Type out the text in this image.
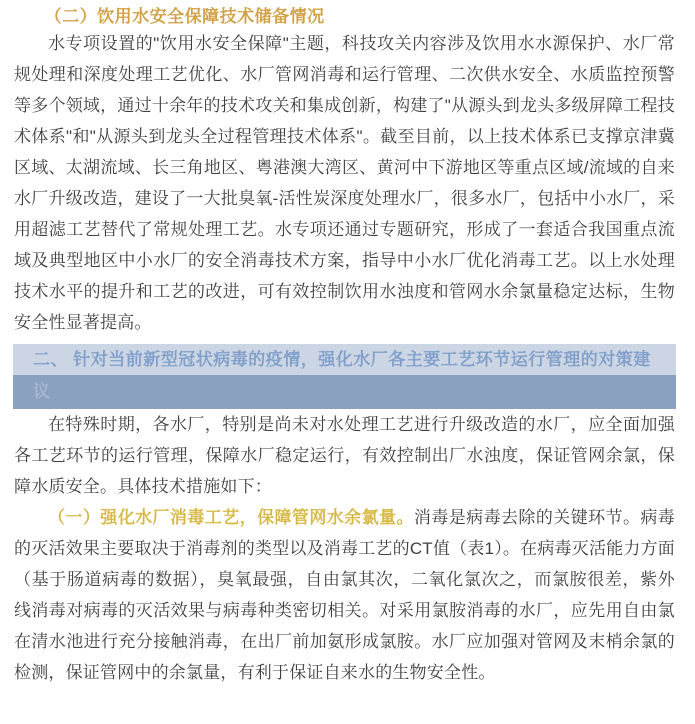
（二）饮用水安全保障技术储备情况

水专项设置的"饮用水安全保障"主题，科技攻关内容涉及饮用水水源保护、水厂常规处理和深度处理工艺优化、水厂管网消毒和运行管理、二次供水安全、水质监控预警等多个领域，通过十余年的技术攻关和集成创新，构建了"从源头到龙头多级屏障工程技术体系"和"从源头到龙头全过程管理技术体系"。截至目前，以上技术体系已支撑京津冀区域、太湖流域、长三角地区、粤港澳大湾区、黄河中下游地区等重点区域/流域的自来水厂升级改造，建设了一大批臭氧-活性炭深度处理水厂，很多水厂，包括中小水厂，采用超滤工艺替代了常规处理工艺。水专项还通过专题研究，形成了一套适合我国重点流域及典型地区中小水厂的安全消毒技术方案，指导中小水厂优化消毒工艺。以上水处理技术水平的提升和工艺的改进，可有效控制饮用水浊度和管网水余氯量稳定达标，生物安全性显著提高。

二、 针对当前新型冠状病毒的疫情，强化水厂各主要工艺环节运行管理的对策建
议

在特殊时期，各水厂，特别是尚未对水处理工艺进行升级改造的水厂，应全面加强各工艺环节的运行管理，保障水厂稳定运行，有效控制出厂水浊度，保证管网余氯，保障水质安全。具体技术措施如下：

（一）强化水厂消毒工艺，保障管网水余氯量。消毒是病毒去除的关键环节。病毒的灭活效果主要取决于消毒剂的类型以及消毒工艺的CT值（表1）。在病毒灭活能力方面（基于肠道病毒的数据），臭氧最强，自由氯其次，二氧化氯次之，而氯胺很差，紫外线消毒对病毒的灭活效果与病毒种类密切相关。对采用氯胺消毒的水厂，应先用自由氯在清水池进行充分接触消毒，在出厂前加氨形成氯胺。水厂应加强对管网及末梢余氯的检测，保证管网中的余氯量，有利于保证自来水的生物安全性。
